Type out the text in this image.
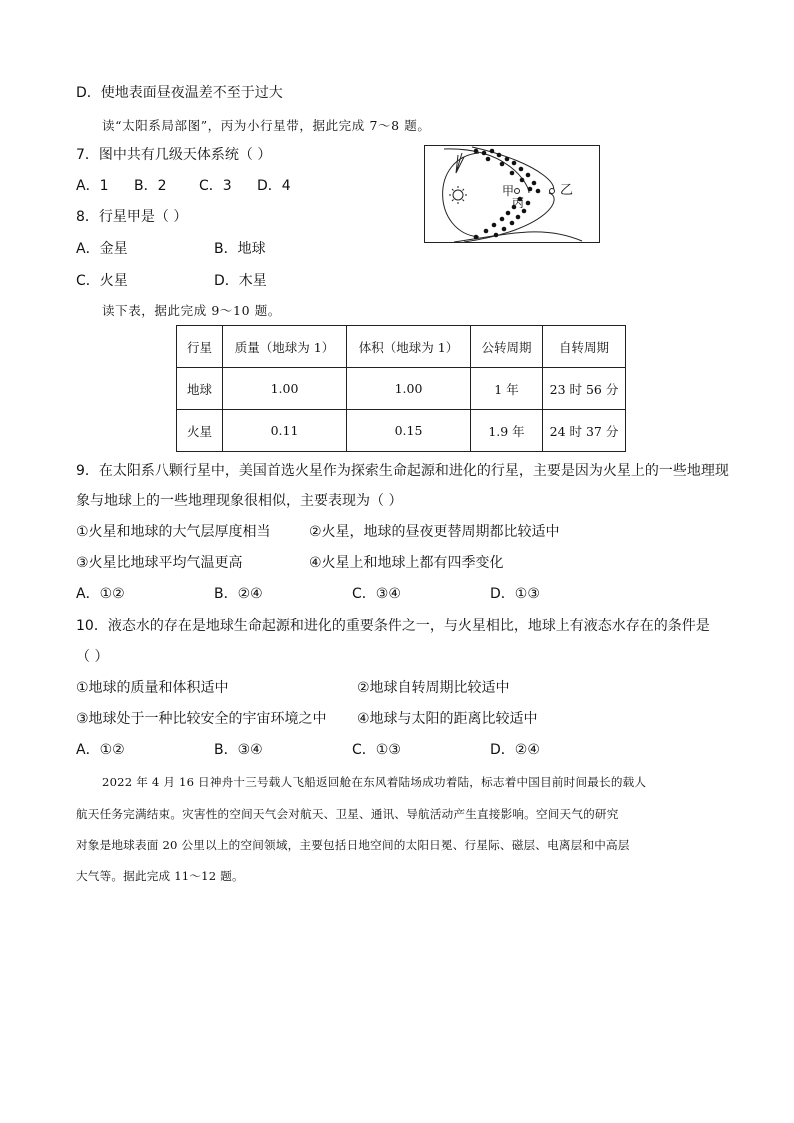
D．使地表面昼夜温差不至于过大
读“太阳系局部图”，丙为小行星带，据此完成 7～8 题。
7．图中共有几级天体系统（ ）
A．1 B．2 C．3 D．4
8．行星甲是（ ）
A．金星	B．地球
C．火星	D．木星
甲
丙
乙
读下表，据此完成 9～10 题。
行星	质量（地球为 1）	体积（地球为 1）	公转周期	自转周期
地球	1.00	1.00	1 年	23 时 56 分
火星	0.11	0.15	1.9 年	24 时 37 分
9．在太阳系八颗行星中，美国首选火星作为探索生命起源和进化的行星，主要是因为火星上的一些地理现
象与地球上的一些地理现象很相似，主要表现为（ ）
①火星和地球的大气层厚度相当	②火星，地球的昼夜更替周期都比较适中
③火星比地球平均气温更高	④火星上和地球上都有四季变化
A．①②	B．②④	C．③④	D．①③
10．液态水的存在是地球生命起源和进化的重要条件之一，与火星相比，地球上有液态水存在的条件是
（ ）
①地球的质量和体积适中	②地球自转周期比较适中
③地球处于一种比较安全的宇宙环境之中 ④地球与太阳的距离比较适中
A．①②	B．③④	C．①③	D．②④
2022 年 4 月 16 日神舟十三号载人飞船返回舱在东风着陆场成功着陆，标志着中国目前时间最长的载人
航天任务完满结束。灾害性的空间天气会对航天、卫星、通讯、导航活动产生直接影响。空间天气的研究
对象是地球表面 20 公里以上的空间领域，主要包括日地空间的太阳日冕、行星际、磁层、电离层和中高层
大气等。据此完成 11～12 题。
